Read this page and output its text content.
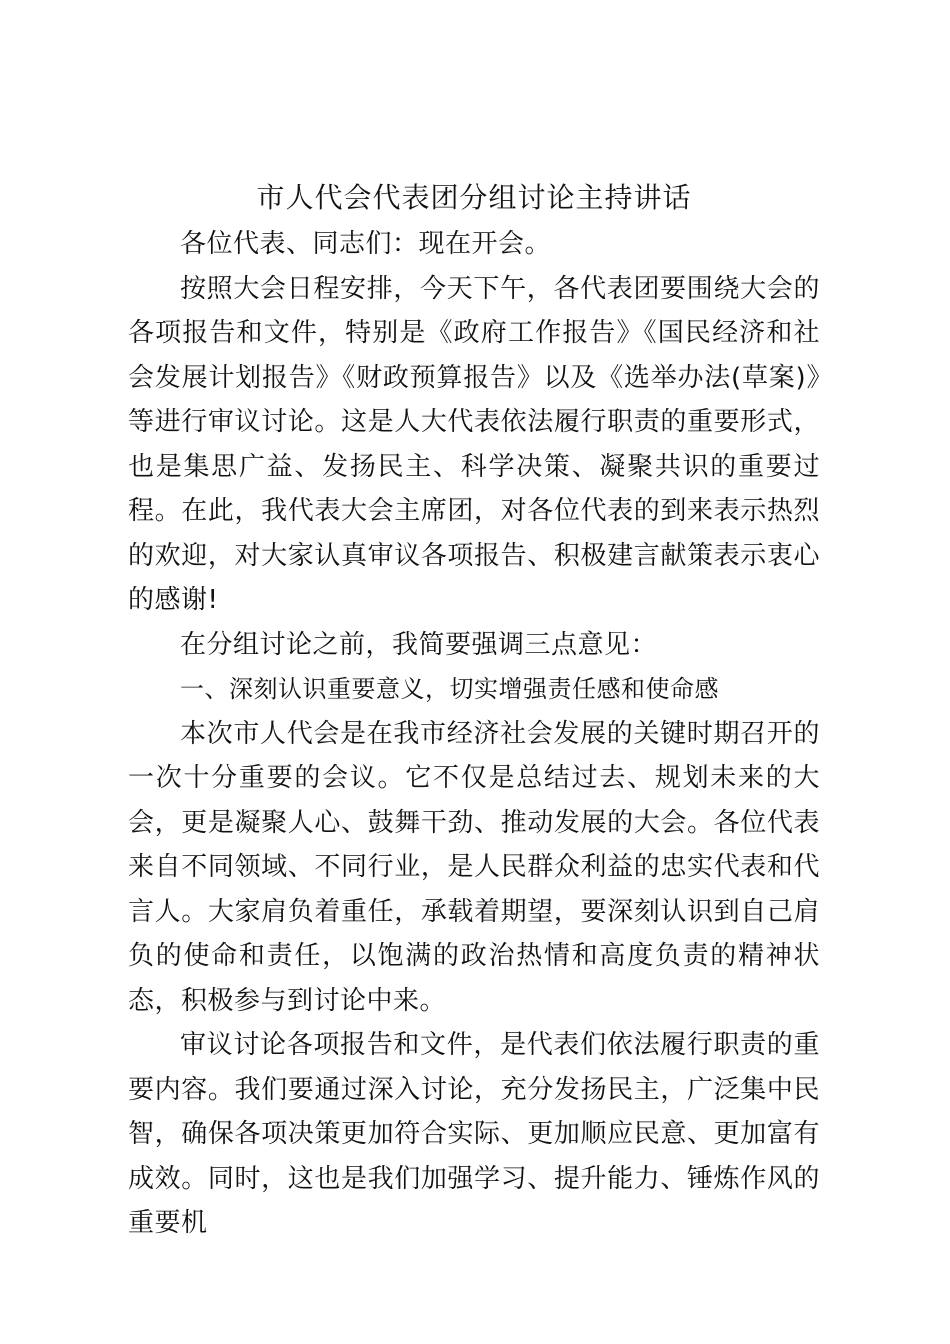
市人代会代表团分组讨论主持讲话

各位代表、同志们：现在开会。

按照大会日程安排，今天下午，各代表团要围绕大会的各项报告和文件，特别是《政府工作报告》《国民经济和社会发展计划报告》《财政预算报告》以及《选举办法(草案)》等进行审议讨论。这是人大代表依法履行职责的重要形式，也是集思广益、发扬民主、科学决策、凝聚共识的重要过程。在此，我代表大会主席团，对各位代表的到来表示热烈的欢迎，对大家认真审议各项报告、积极建言献策表示衷心的感谢!

在分组讨论之前，我简要强调三点意见：

一、深刻认识重要意义，切实增强责任感和使命感

本次市人代会是在我市经济社会发展的关键时期召开的一次十分重要的会议。它不仅是总结过去、规划未来的大会，更是凝聚人心、鼓舞干劲、推动发展的大会。各位代表来自不同领域、不同行业，是人民群众利益的忠实代表和代言人。大家肩负着重任，承载着期望，要深刻认识到自己肩负的使命和责任，以饱满的政治热情和高度负责的精神状态，积极参与到讨论中来。

审议讨论各项报告和文件，是代表们依法履行职责的重要内容。我们要通过深入讨论，充分发扬民主，广泛集中民智，确保各项决策更加符合实际、更加顺应民意、更加富有成效。同时，这也是我们加强学习、提升能力、锤炼作风的重要机
